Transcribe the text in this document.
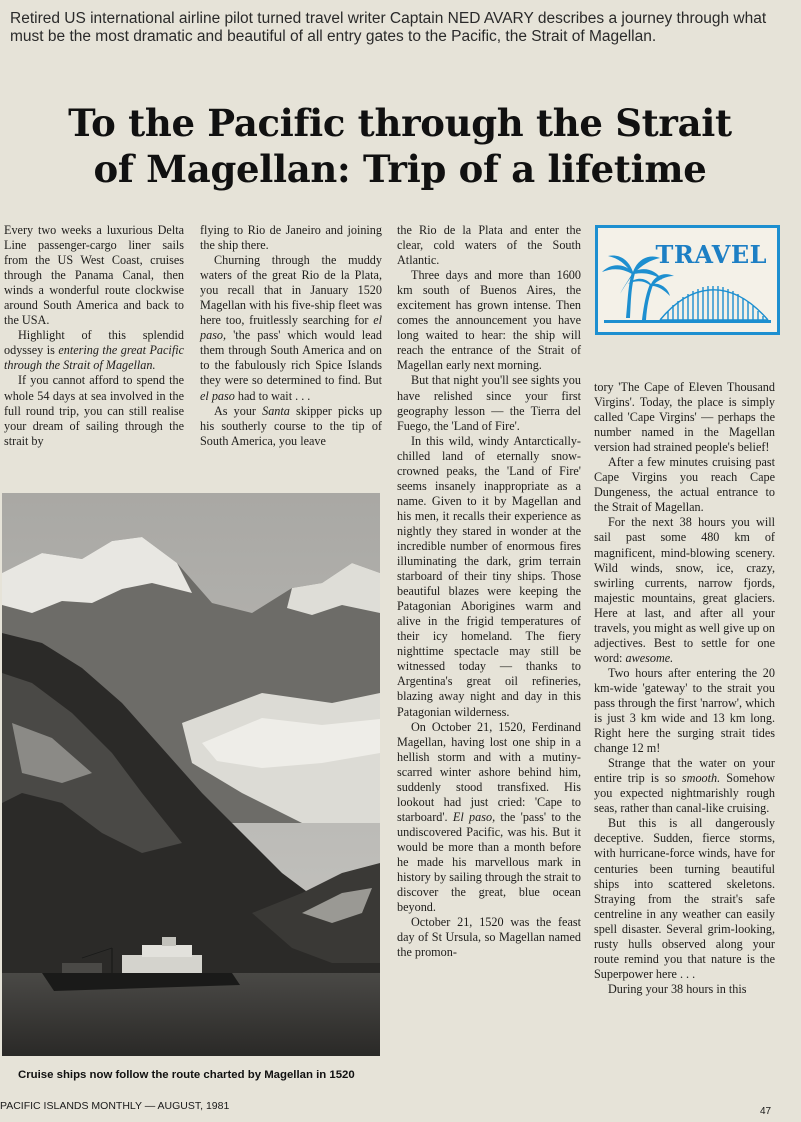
Retired US international airline pilot turned travel writer Captain NED AVARY describes a journey through what must be the most dramatic and beautiful of all entry gates to the Pacific, the Strait of Magellan.
To the Pacific through the Strait
of Magellan: Trip of a lifetime

Every two weeks a luxurious Delta Line passenger-cargo liner sails from the US West Coast, cruises through the Panama Canal, then winds a wonderful route clockwise around South America and back to the USA.

Highlight of this splendid odyssey is entering the great Pacific through the Strait of Magellan.

If you cannot afford to spend the whole 54 days at sea involved in the full round trip, you can still realise your dream of sailing through the strait by

flying to Rio de Janeiro and joining the ship there.

Churning through the muddy waters of the great Rio de la Plata, you recall that in January 1520 Magellan with his five-ship fleet was here too, fruitlessly searching for el paso, 'the pass' which would lead them through South America and on to the fabulously rich Spice Islands they were so determined to find. But el paso had to wait . . .

As your Santa skipper picks up his southerly course to the tip of South America, you leave

the Rio de la Plata and enter the clear, cold waters of the South Atlantic.

Three days and more than 1600 km south of Buenos Aires, the excitement has grown intense. Then comes the announcement you have long waited to hear: the ship will reach the entrance of the Strait of Magellan early next morning.

But that night you'll see sights you have relished since your first geography lesson — the Tierra del Fuego, the 'Land of Fire'.

In this wild, windy Antarctically-chilled land of eternally snow-crowned peaks, the 'Land of Fire' seems insanely inappropriate as a name. Given to it by Magellan and his men, it recalls their experience as nightly they stared in wonder at the incredible number of enormous fires illuminating the dark, grim terrain starboard of their tiny ships. Those beautiful blazes were keeping the Patagonian Aborigines warm and alive in the frigid temperatures of their icy homeland. The fiery nighttime spectacle may still be witnessed today — thanks to Argentina's great oil refineries, blazing away night and day in this Patagonian wilderness.

On October 21, 1520, Ferdinand Magellan, having lost one ship in a hellish storm and with a mutiny-scarred winter ashore behind him, suddenly stood transfixed. His lookout had just cried: 'Cape to starboard'. El paso, the 'pass' to the undiscovered Pacific, was his. But it would be more than a month before he made his marvellous mark in history by sailing through the strait to discover the great, blue ocean beyond.

October 21, 1520 was the feast day of St Ursula, so Magellan named the promon-

TRAVEL

tory 'The Cape of Eleven Thousand Virgins'. Today, the place is simply called 'Cape Virgins' — perhaps the number named in the Magellan version had strained people's belief!

After a few minutes cruising past Cape Virgins you reach Cape Dungeness, the actual entrance to the Strait of Magellan.

For the next 38 hours you will sail past some 480 km of magnificent, mind-blowing scenery. Wild winds, snow, ice, crazy, swirling currents, narrow fjords, majestic mountains, great glaciers. Here at last, and after all your travels, you might as well give up on adjectives. Best to settle for one word: awesome.

Two hours after entering the 20 km-wide 'gateway' to the strait you pass through the first 'narrow', which is just 3 km wide and 13 km long. Right here the surging strait tides change 12 m!

Strange that the water on your entire trip is so smooth. Somehow you expected nightmarishly rough seas, rather than canal-like cruising.

But this is all dangerously deceptive. Sudden, fierce storms, with hurricane-force winds, have for centuries been turning beautiful ships into scattered skeletons. Straying from the strait's safe centreline in any weather can easily spell disaster. Several grim-looking, rusty hulls observed along your route remind you that nature is the Superpower here . . .

During your 38 hours in this

Cruise ships now follow the route charted by Magellan in 1520
PACIFIC ISLANDS MONTHLY — AUGUST, 1981	47
